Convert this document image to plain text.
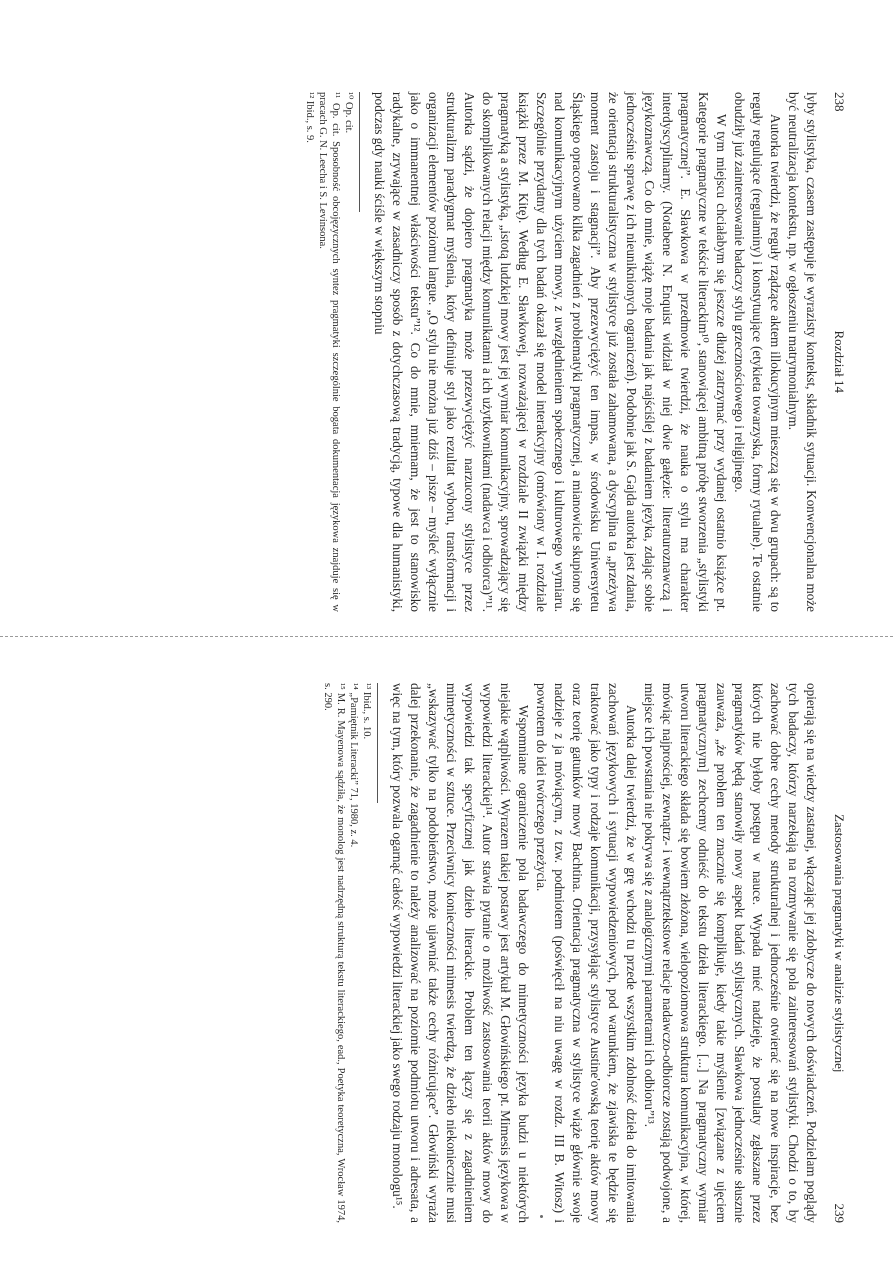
238
Rozdział 14

lyby stylistyka, czasem zastępuje je wyrazisty kontekst, składnik sytuacji. Konwencjonalna może być neutralizacja kontekstu, np. w ogłoszeniu matrymonialnym.

Autorka twierdzi, że reguły rządzące aktem illokucyjnym mieszczą się w dwu grupach: są to reguły regulujące (regulaminy) i konstytuujące (etykieta towarzyska, formy rytualne). Te ostatnie obudziły już zainteresowanie badaczy stylu grzecznościowego i religijnego.

W tym miejscu chciałabym się jeszcze dłużej zatrzymać przy wydanej ostatnio książce pt. Kategorie pragmatyczne w tekście literackim¹⁰, stanowiącej ambitną próbę stworzenia „stylistyki pragmatycznej”. E. Sławkowa w przedmowie twierdzi, że nauka o stylu ma charakter interdyscyplinarny. (Notabene N. Enquist widział w niej dwie gałęzie: literaturoznawczą i językoznawczą. Co do mnie, wiążę moje badania jak najściślej z badaniem języka, zdając sobie jednocześnie sprawę z ich nieuniknionych ograniczeń). Podobnie jak S. Gajda autorka jest zdania, że orientacja strukturalistyczna w stylistyce już została zahamowana, a dyscyplina ta „przeżywa moment zastoju i stagnacji”. Aby przezwyciężyć ten impas, w środowisku Uniwersytetu Śląskiego opracowano kilka zagadnień z problematyki pragmatycznej, a mianowicie skupiono się nad komunikacyjnym użyciem mowy, z uwzględnieniem społecznego i kulturowego wymiaru. Szczególnie przydatny dla tych badań okazał się model interakcyjny (omówiony w I. rozdziale książki przez M. Kitę). Według E. Sławkowej, rozważającej w rozdziale II związki między pragmatyką a stylistyką, „istotą ludzkiej mowy jest jej wymiar komunikacyjny, sprowadzający się do skomplikowanych relacji między komunikatami a ich użytkownikami (nadawca i odbiorca)”¹¹. Autorka sądzi, że dopiero pragmatyka może przezwyciężyć narzucony stylistyce przez strukturalizm paradygmat myślenia, który definiuje styl jako rezultat wyboru, transformacji i organizacji elementów poziomu langue. „O stylu nie można już dziś – pisze – myśleć wyłącznie jako o immanentnej właściwości tekstu”¹². Co do mnie, mniemam, że jest to stanowisko radykalne, zrywające w zasadniczy sposób z dotychczasową tradycją, typowe dla humanistyki, podczas gdy nauki ściśle w większym stopniu

¹⁰ Op. cit.
¹¹ Op. cit. Sposobność obcojęzycznych syntez pragmatyki szczególnie bogata dokumentacja językowa znajduje się w pracach G. N. Leecha i S. Levinsona.
¹² Ibid., s. 9.
Zastosowania pragmatyki w analizie stylistycznej
239

opierają się na wiedzy zastanej, włączając jej zdobycze do nowych doświadczeń. Podzielam poglądy tych badaczy, którzy narzekają na rozmywanie się pola zainteresowań stylistyki. Chodzi o to, by zachować dobre cechy metody strukturalnej i jednocześnie otwierać się na nowe inspiracje, bez których nie byłoby postępu w nauce. Wypada mieć nadzieję, że postulaty zgłaszane przez pragmatyków będą stanowiły nowy aspekt badań stylistycznych. Sławkowa jednocześnie słusznie zauważa, „że problem ten znacznie się komplikuje, kiedy takie myślenie [związane z ujęciem pragmatycznym] zechcemy odnieść do tekstu dzieła literackiego. [...] Na pragmatyczny wymiar utworu literackiego składa się bowiem złożona, wielopoziomowa struktura komunikacyjna, w której, mówiąc najprościej, zewnątrz- i wewnątrztekstowe relacje nadawczo-odbiorcze zostają podwojone, a miejsce ich powstania nie pokrywa się z analogicznymi parametrami ich odbioru”¹³.

Autorka dalej twierdzi, że w grę wchodzi tu przede wszystkim zdolność dzieła do imitowania zachowań językowych i sytuacji wypowiedzeniowych, pod warunkiem, że zjawiska te będzie się traktować jako typy i rodzaje komunikacji, przysyłając stylistyce Austine'owską teorię aktów mowy oraz teorię gatunków mowy Bachtina. Orientacja pragmatyczna w stylistyce wiąże głównie swoje nadzieje z ja mówiącym, z tzw. podmiotem (poświęcił na niu uwagę w rozdz. III B. Witosz) i powrotem do idei twórczego przeżycia.

Wspomniane ograniczenie pola badawczego do mimetyczności języka budzi u niektórych niejakie wątpliwości. Wyrazem takiej postawy jest artykuł M. Głowińskiego pt. Mimesis językowa w wypowiedzi literackiej¹⁴. Autor stawia pytanie o możliwość zastosowania teorii aktów mowy do wypowiedzi tak specyficznej jak dzieło literackie. Problem ten łączy się z zagadnieniem mimetyczności w sztuce. Przeciwnicy konieczności mimesis twierdzą, że dzieło niekoniecznie musi „wskazywać tylko na podobieństwo, może ujawniać także cechy różnicujące”. Głowiński wyraża dalej przekonanie, że zagadnienie to należy analizować na poziomie podmiotu utworu i adresata, a więc na tym, który pozwala ogarnąć całość wypowiedzi literackiej jako swego rodzaju monologu¹⁵.

¹³ Ibid., s. 10.
¹⁴ „Pamiętnik Literacki” 71, 1980, z. 4.
¹⁵ M. R. Mayenowa sądziła, że monolog jest nadrzędną strukturą tekstu literackiego, ead., Poetyka teoretyczna, Wrocław 1974, s. 290.
